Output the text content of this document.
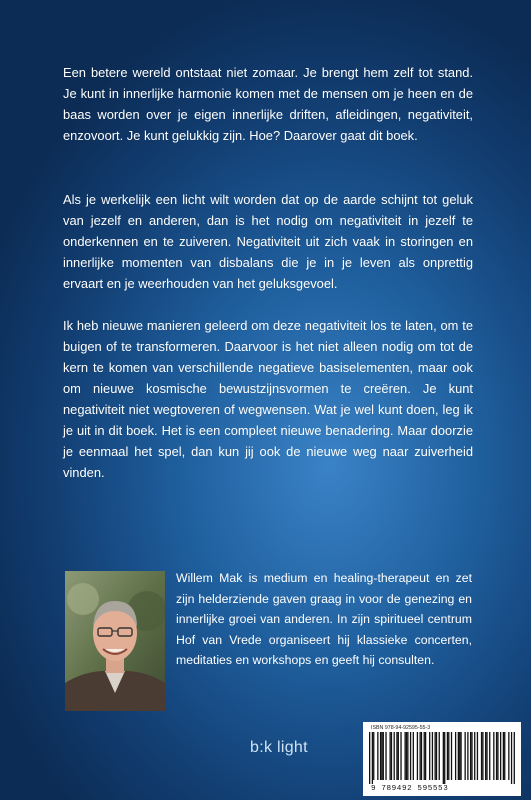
Een betere wereld ontstaat niet zomaar. Je brengt hem zelf tot stand. Je kunt in innerlijke harmonie komen met de mensen om je heen en de baas worden over je eigen innerlijke driften, afleidingen, negativiteit, enzovoort. Je kunt gelukkig zijn. Hoe? Daarover gaat dit boek.

Als je werkelijk een licht wilt worden dat op de aarde schijnt tot geluk van jezelf en anderen, dan is het nodig om negativiteit in jezelf te onderkennen en te zuiveren. Negativiteit uit zich vaak in storingen en innerlijke momenten van disbalans die je in je leven als onprettig ervaart en je weerhouden van het geluksgevoel.

Ik heb nieuwe manieren geleerd om deze negativiteit los te laten, om te buigen of te transformeren. Daarvoor is het niet alleen nodig om tot de kern te komen van verschillende negatieve basiselementen, maar ook om nieuwe kosmische bewustzijnsvormen te creëren. Je kunt negativiteit niet wegtoveren of wegwensen. Wat je wel kunt doen, leg ik je uit in dit boek. Het is een compleet nieuwe benadering. Maar doorzie je eenmaal het spel, dan kun jij ook de nieuwe weg naar zuiverheid vinden.

Willem Mak is medium en healing-therapeut en zet zijn helderziende gaven graag in voor de genezing en innerlijke groei van anderen. In zijn spiritueel centrum Hof van Vrede organiseert hij klassieke concerten, meditaties en workshops en geeft hij consulten.

b:k light
ISBN 978-94-92595-55-3
9 789492 595553
